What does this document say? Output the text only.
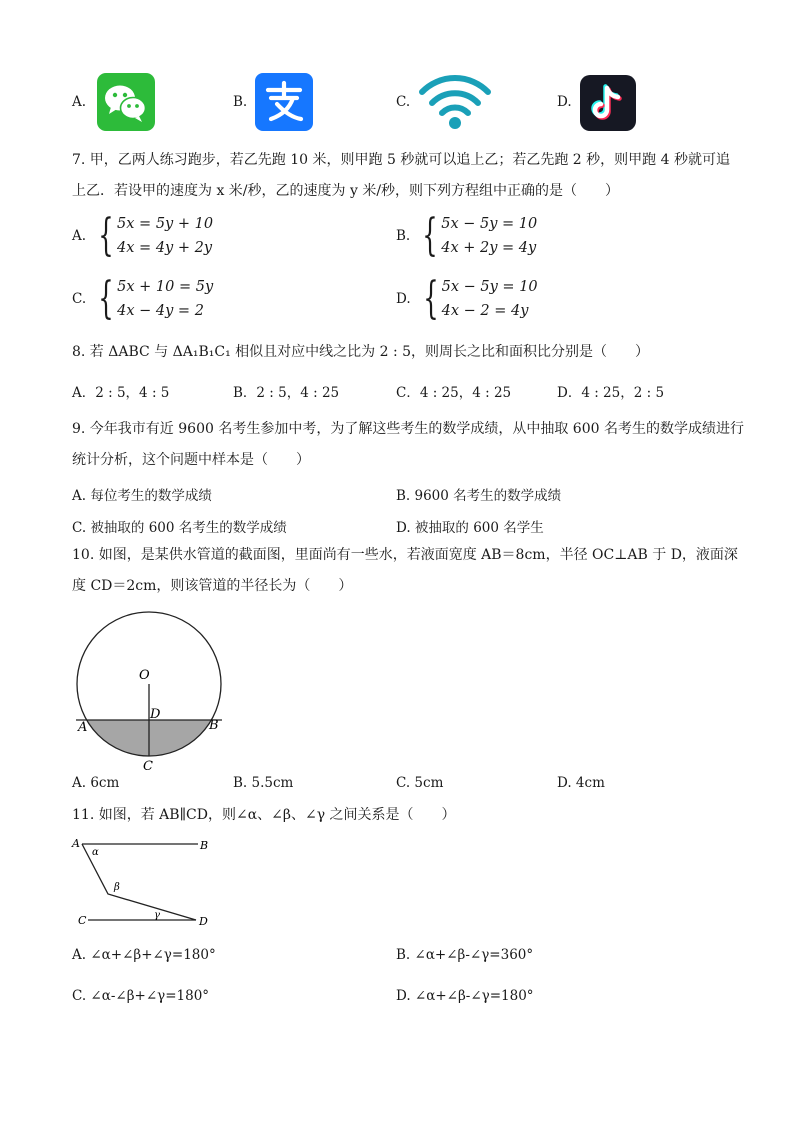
A.	B.	C.	D.
7. 甲，乙两人练习跑步，若乙先跑 10 米，则甲跑 5 秒就可以追上乙；若乙先跑 2 秒，则甲跑 4 秒就可追
上乙．若设甲的速度为 x 米/秒，乙的速度为 y 米/秒，则下列方程组中正确的是（　　）
A. { 5x = 5y + 10
4x = 4y + 2y
B. { 5x − 5y = 10
4x + 2y = 4y
C. { 5x + 10 = 5y
4x − 4y = 2
D. { 5x − 5y = 10
4x − 2 = 4y
8. 若 ΔABC 与 ΔA₁B₁C₁ 相似且对应中线之比为 2 : 5，则周长之比和面积比分别是（　　）
A．2 : 5，4 : 5	B．2 : 5，4 : 25	C．4 : 25，4 : 25	D．4 : 25，2 : 5
9. 今年我市有近 9600 名考生参加中考，为了解这些考生的数学成绩，从中抽取 600 名考生的数学成绩进行
统计分析，这个问题中样本是（　　）
A. 每位考生的数学成绩	B. 9600 名考生的数学成绩
C. 被抽取的 600 名考生的数学成绩	D. 被抽取的 600 名学生
10. 如图，是某供水管道的截面图，里面尚有一些水，若液面宽度 AB＝8cm，半径 OC⊥AB 于 D，液面深
度 CD＝2cm，则该管道的半径长为（　　）
O
D
A	B
C
A. 6cm	B. 5.5cm	C. 5cm	D. 4cm
11. 如图，若 AB∥CD，则∠α、∠β、∠γ 之间关系是（　　）
A	B
C	D
α
β
γ
A. ∠α+∠β+∠γ=180°	B. ∠α+∠β-∠γ=360°
C. ∠α-∠β+∠γ=180°	D. ∠α+∠β-∠γ=180°
